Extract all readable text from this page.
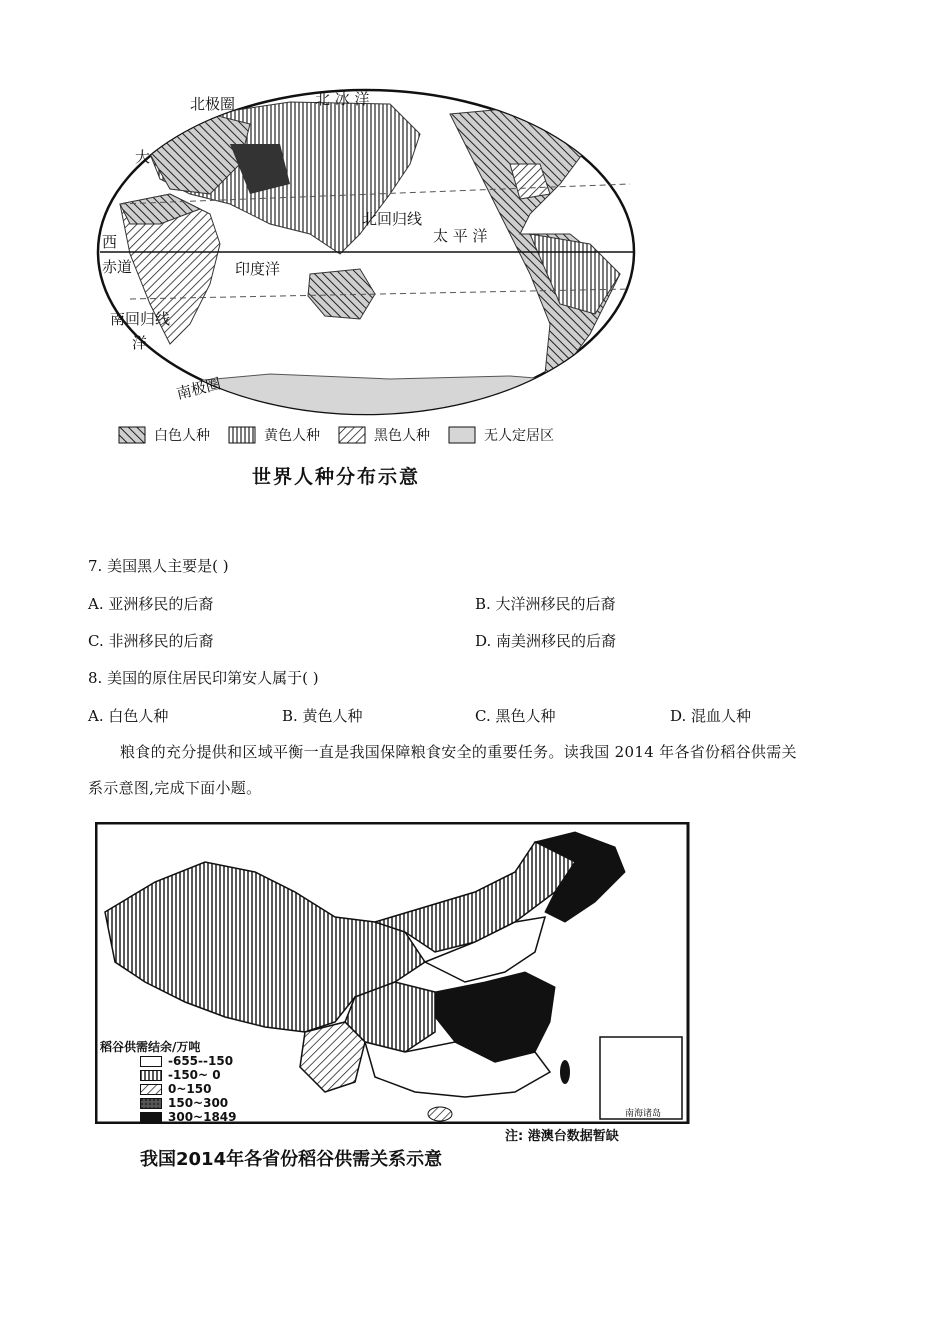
北极圈	北 冰 洋
大
北回归线
太 平 洋
西
赤道	印度洋
南回归线
洋
南极圈
白色人种	黄色人种	黑色人种	无人定居区
世界人种分布示意
7. 美国黑人主要是( )
A. 亚洲移民的后裔	B. 大洋洲移民的后裔
C. 非洲移民的后裔	D. 南美洲移民的后裔
8. 美国的原住居民印第安人属于( )
A. 白色人种	B. 黄色人种	C. 黑色人种	D. 混血人种
粮食的充分提供和区域平衡一直是我国保障粮食安全的重要任务。读我国 2014 年各省份稻谷供需关
系示意图,完成下面小题。
南海诸岛
稻谷供需结余/万吨
-655--150
-150~ 0
0~150
150~300
300~1849
注: 港澳台数据暂缺
我国2014年各省份稻谷供需关系示意
